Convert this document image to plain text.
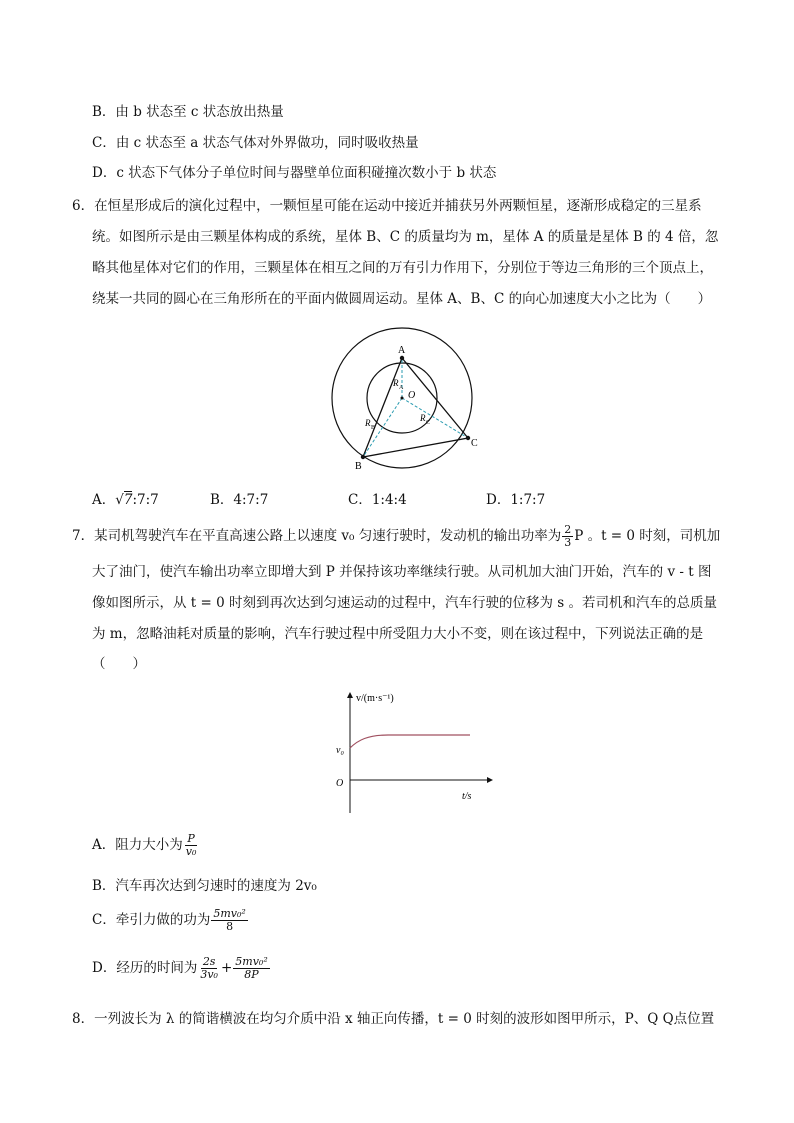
B．由 b 状态至 c 状态放出热量
C．由 c 状态至 a 状态气体对外界做功，同时吸收热量
D．c 状态下气体分子单位时间与器壁单位面积碰撞次数小于 b 状态
6．在恒星形成后的演化过程中，一颗恒星可能在运动中接近并捕获另外两颗恒星，逐渐形成稳定的三星系
统。如图所示是由三颗星体构成的系统，星体 B、C 的质量均为 m，星体 A 的质量是星体 B 的 4 倍，忽
略其他星体对它们的作用，三颗星体在相互之间的万有引力作用下，分别位于等边三角形的三个顶点上，
绕某一共同的圆心在三角形所在的平面内做圆周运动。星体 A、B、C 的向心加速度大小之比为（　　）
A
B
C
O
R A
R B
R C
A．√7:7:7	B．4:7:7	C．1:4:4	D．1:7:7
7．某司机驾驶汽车在平直高速公路上以速度 v₀ 匀速行驶时，发动机的输出功率为 $\frac{2}{3}$ P 。t = 0 时刻，司机加
大了油门，使汽车输出功率立即增大到 P 并保持该功率继续行驶。从司机加大油门开始，汽车的 v - t 图
像如图所示，从 t = 0 时刻到再次达到匀速运动的过程中，汽车行驶的位移为 s 。若司机和汽车的总质量
为 m，忽略油耗对质量的影响，汽车行驶过程中所受阻力大小不变，则在该过程中，下列说法正确的是
（　　）
v/(m·s⁻¹)
t/s
O
v₀
A．阻力大小为 $\frac{P}{\text{v₀}}$
B．汽车再次达到匀速时的速度为 2v₀
C．牵引力做的功为 $\frac{\text{5mv₀²}}{8}$
D．经历的时间为 $\frac{2s}{\text{3v₀}} + \frac{\text{5mv₀²}}{8P}$
8．一列波长为 λ 的简谐横波在均匀介质中沿 x 轴正向传播，t = 0 时刻的波形如图甲所示，P、Q Q点位置
